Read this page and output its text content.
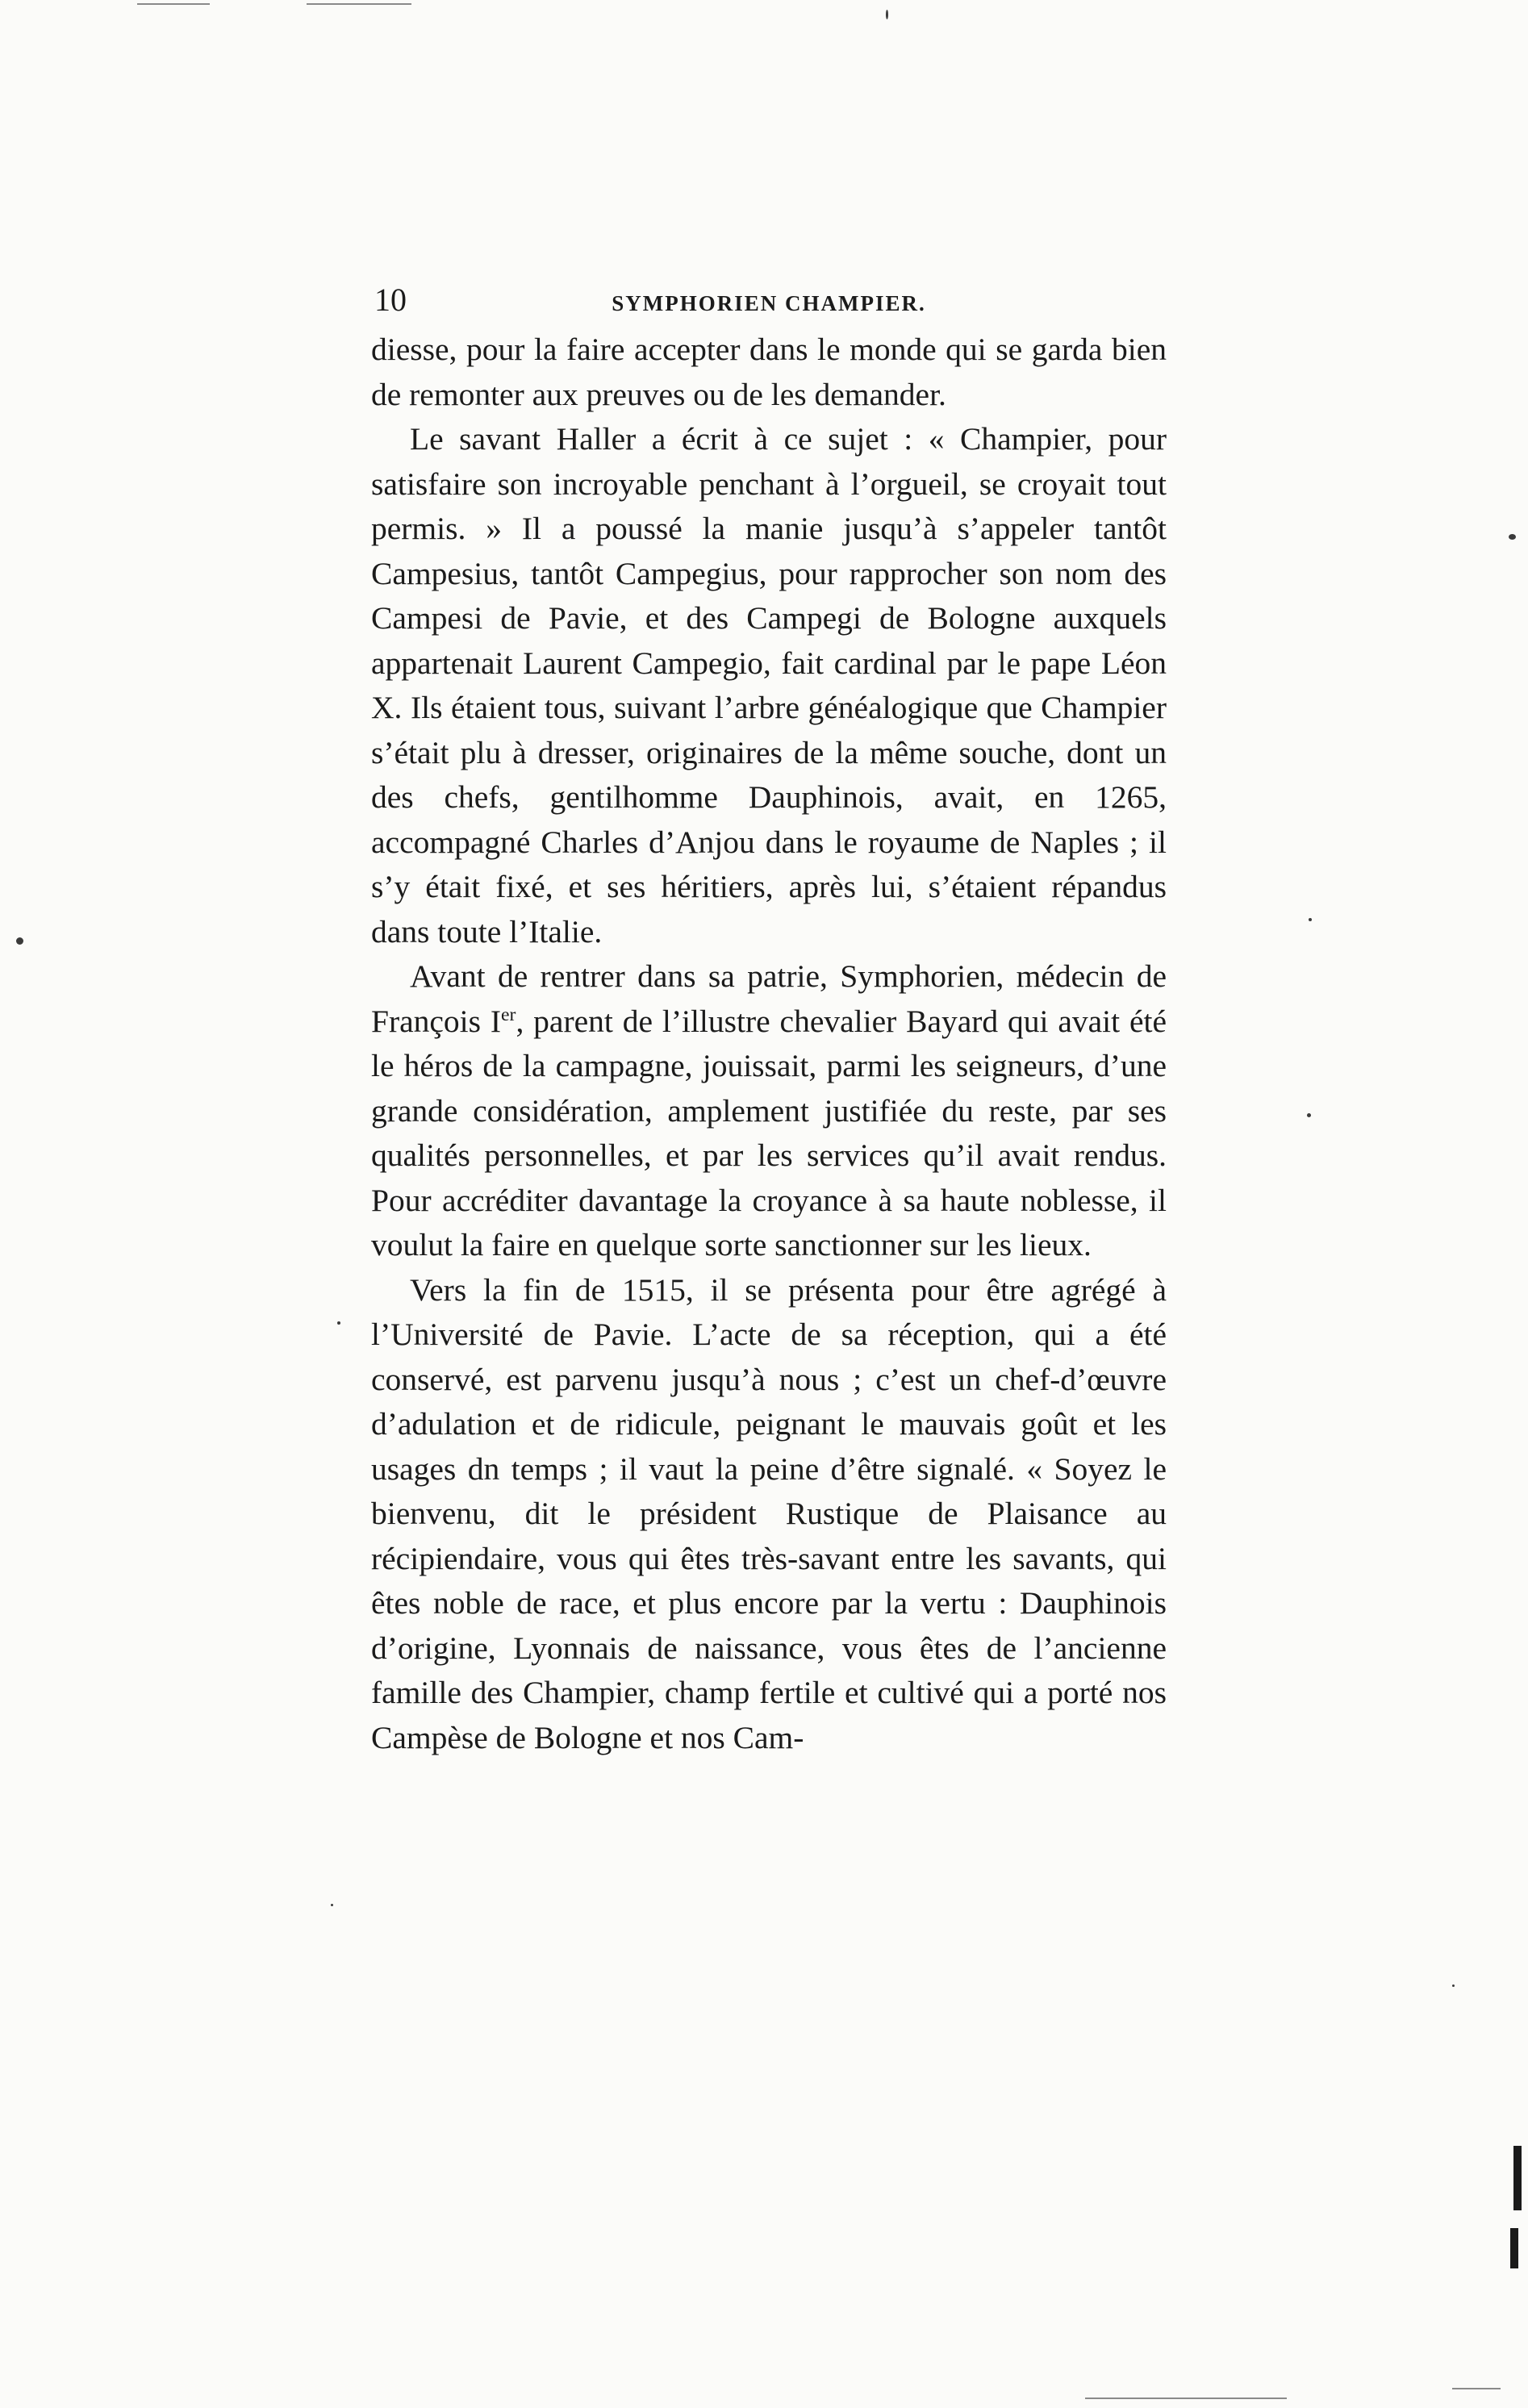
10	SYMPHORIEN CHAMPIER.

diesse, pour la faire accepter dans le monde qui se garda bien de remonter aux preuves ou de les demander.

Le savant Haller a écrit à ce sujet : « Champier, pour satisfaire son incroyable penchant à l’orgueil, se croyait tout permis. » Il a poussé la manie jusqu’à s’appeler tantôt Campesius, tantôt Campegius, pour rapprocher son nom des Campesi de Pavie, et des Campegi de Bologne auxquels appartenait Laurent Campegio, fait cardinal par le pape Léon X. Ils étaient tous, suivant l’arbre généalogique que Champier s’était plu à dresser, originaires de la même souche, dont un des chefs, gentilhomme Dauphinois, avait, en 1265, accompagné Charles d’Anjou dans le royaume de Naples ; il s’y était fixé, et ses héritiers, après lui, s’étaient répandus dans toute l’Italie.

Avant de rentrer dans sa patrie, Symphorien, médecin de François Ier, parent de l’illustre chevalier Bayard qui avait été le héros de la campagne, jouissait, parmi les seigneurs, d’une grande considération, amplement justifiée du reste, par ses qualités personnelles, et par les services qu’il avait rendus. Pour accréditer davantage la croyance à sa haute noblesse, il voulut la faire en quelque sorte sanctionner sur les lieux.

Vers la fin de 1515, il se présenta pour être agrégé à l’Université de Pavie. L’acte de sa réception, qui a été conservé, est parvenu jusqu’à nous ; c’est un chef-d’œuvre d’adulation et de ridicule, peignant le mauvais goût et les usages dn temps ; il vaut la peine d’être signalé. « Soyez le bienvenu, dit le président Rustique de Plaisance au récipiendaire, vous qui êtes très-savant entre les savants, qui êtes noble de race, et plus encore par la vertu : Dauphinois d’origine, Lyonnais de naissance, vous êtes de l’ancienne famille des Champier, champ fertile et cultivé qui a porté nos Campèse de Bologne et nos Cam-
